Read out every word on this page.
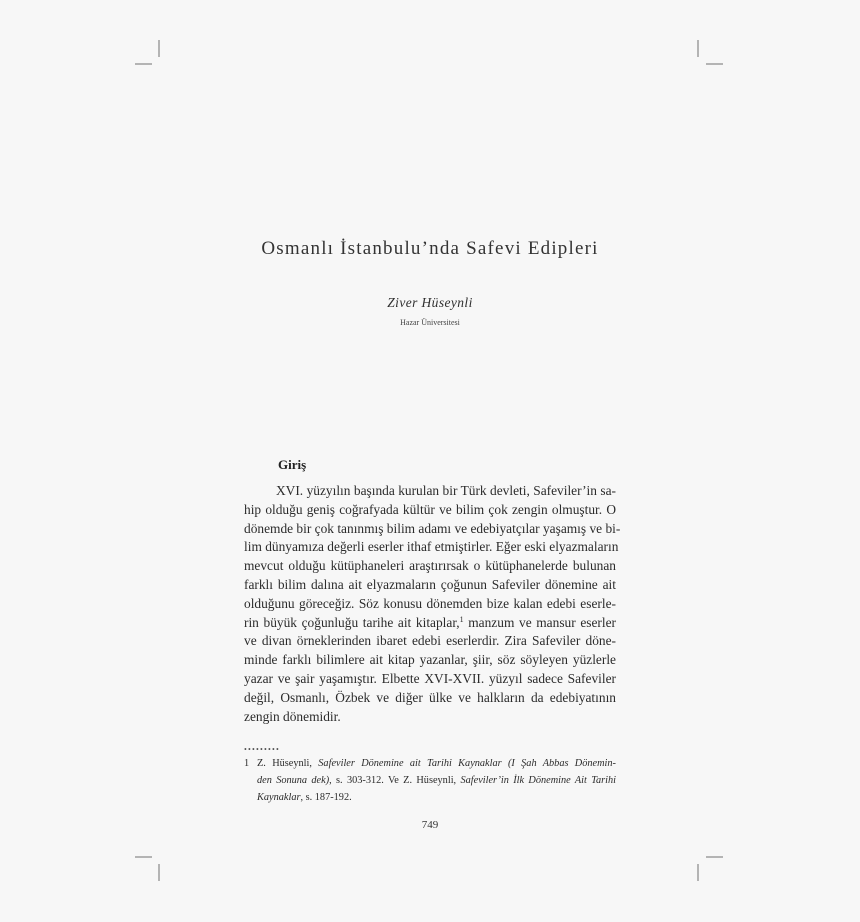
Osmanlı İstanbulu’nda Safevi Edipleri
Ziver Hüseynli
Hazar Üniversitesi
Giriş
XVI. yüzyılın başında kurulan bir Türk devleti, Safeviler’in sa-
hip olduğu geniş coğrafyada kültür ve bilim çok zengin olmuştur. O
dönemde bir çok tanınmış bilim adamı ve edebiyatçılar yaşamış ve bi-
lim dünyamıza değerli eserler ithaf etmiştirler. Eğer eski elyazmaların
mevcut olduğu kütüphaneleri araştırırsak o kütüphanelerde bulunan
farklı bilim dalına ait elyazmaların çoğunun Safeviler dönemine ait
olduğunu göreceğiz. Söz konusu dönemden bize kalan edebi eserle-
rin büyük çoğunluğu tarihe ait kitaplar,$^1$ manzum ve mansur eserler
ve divan örneklerinden ibaret edebi eserlerdir. Zira Safeviler döne-
minde farklı bilimlere ait kitap yazanlar, şiir, söz söyleyen yüzlerle
yazar ve şair yaşamıştır. Elbette XVI-XVII. yüzyıl sadece Safeviler
değil, Osmanlı, Özbek ve diğer ülke ve halkların da edebiyatının
zengin dönemidir.
•••••••••
1 Z. Hüseynli, Safeviler Dönemine ait Tarihi Kaynaklar (I Şah Abbas Dönemin-
den Sonuna dek), s. 303-312. Ve Z. Hüseynli, Safeviler’in İlk Dönemine Ait Tarihi
Kaynaklar, s. 187-192.
749
